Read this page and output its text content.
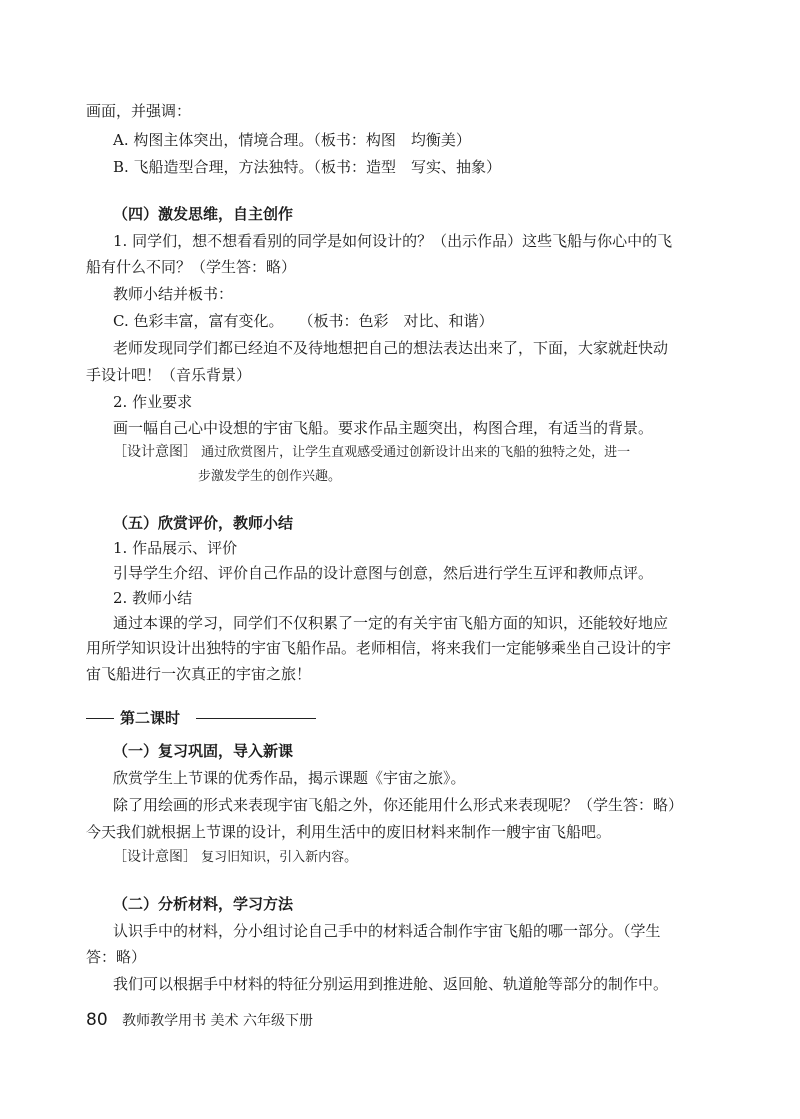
画面，并强调：

A. 构图主体突出，情境合理。（板书：构图　均衡美）

B. 飞船造型合理，方法独特。（板书：造型　写实、抽象）

（四）激发思维，自主创作

1. 同学们，想不想看看别的同学是如何设计的？（出示作品）这些飞船与你心中的飞

船有什么不同？（学生答：略）

教师小结并板书：

C. 色彩丰富，富有变化。　　（板书：色彩　对比、和谐）

老师发现同学们都已经迫不及待地想把自己的想法表达出来了，下面，大家就赶快动

手设计吧！（音乐背景）

2. 作业要求

画一幅自己心中设想的宇宙飞船。要求作品主题突出，构图合理，有适当的背景。

［设计意图］ 通过欣赏图片，让学生直观感受通过创新设计出来的飞船的独特之处，进一

步激发学生的创作兴趣。

（五）欣赏评价，教师小结

1. 作品展示、评价

引导学生介绍、评价自己作品的设计意图与创意，然后进行学生互评和教师点评。

2. 教师小结

通过本课的学习，同学们不仅积累了一定的有关宇宙飞船方面的知识，还能较好地应

用所学知识设计出独特的宇宙飞船作品。老师相信，将来我们一定能够乘坐自己设计的宇

宙飞船进行一次真正的宇宙之旅！

第二课时

（一）复习巩固，导入新课

欣赏学生上节课的优秀作品，揭示课题《宇宙之旅》。

除了用绘画的形式来表现宇宙飞船之外，你还能用什么形式来表现呢？（学生答：略）

今天我们就根据上节课的设计，利用生活中的废旧材料来制作一艘宇宙飞船吧。

［设计意图］ 复习旧知识，引入新内容。

（二）分析材料，学习方法

认识手中的材料，分小组讨论自己手中的材料适合制作宇宙飞船的哪一部分。（学生

答：略）

我们可以根据手中材料的特征分别运用到推进舱、返回舱、轨道舱等部分的制作中。

80 教师教学用书 美术 六年级下册
